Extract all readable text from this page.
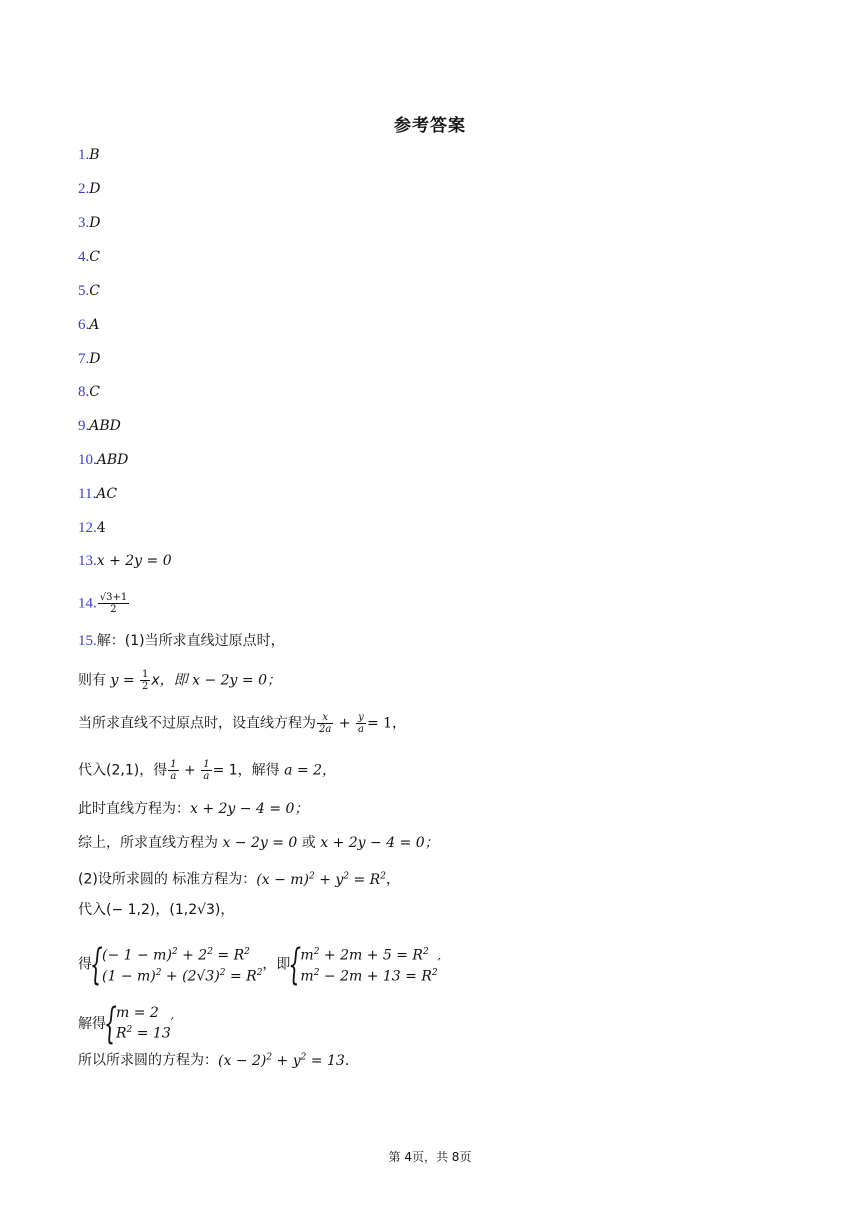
参考答案
1.B
2.D
3.D
4.C
5.C
6.A
7.D
8.C
9.ABD
10.ABD
11.AC
12.4
13.x + 2y = 0
14. $\frac{√3+1}{2}$
15.解：(1)当所求直线过原点时，
则有 $y = \frac{1}{2}$ x，即 x − 2y = 0；
当所求直线不过原点时，设直线方程为 $\frac{x}{2a} + \frac{y}{a} = 1$，
代入(2,1)，得 $\frac{1}{a} + \frac{1}{a} = 1$，解得 a = 2，
此时直线方程为：x + 2y − 4 = 0；
综上，所求直线方程为 x − 2y = 0 或 x + 2y − 4 = 0；
(2)设所求圆的 标准方程为：$(x - m)^2 + y^2 = R^2$，
代入(− 1,2)，(1,2√3)，
得
{ (− $1 - m)^2 + 2^2 = R^2$
$(1 - m)^2 + (2√3)^2 = R^2$ ，即
{ $m^2 + 2m + 5 = R^2$
$m^2 - 2m + 13 = R^2$ ′
解得
{ m = 2
$R^2 = 13$
′
所以所求圆的方程为：$(x - 2)^2 + y^2 = 13$.
第 4页，共 8页
